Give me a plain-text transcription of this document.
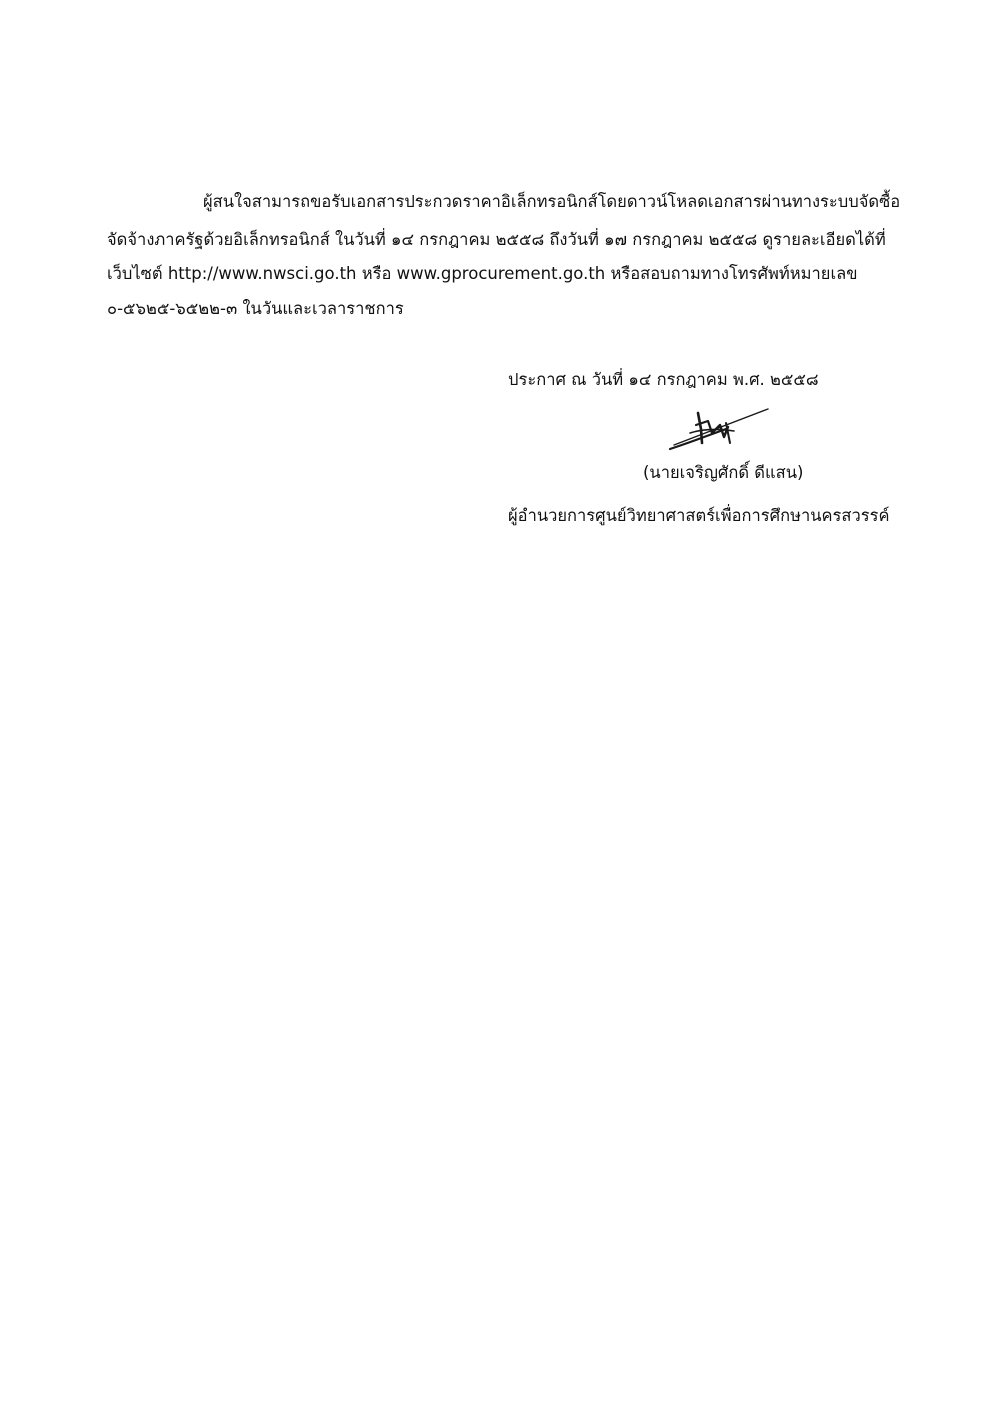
ผู้สนใจสามารถขอรับเอกสารประกวดราคาอิเล็กทรอนิกส์โดยดาวน์โหลดเอกสารผ่านทางระบบจัดซื้อ
จัดจ้างภาครัฐด้วยอิเล็กทรอนิกส์ ในวันที่ ๑๔ กรกฎาคม ๒๕๕๘ ถึงวันที่ ๑๗ กรกฎาคม ๒๕๕๘ ดูรายละเอียดได้ที่
เว็บไซต์ http://www.nwsci.go.th หรือ www.gprocurement.go.th หรือสอบถามทางโทรศัพท์หมายเลข
๐-๕๖๒๕-๖๕๒๒-๓ ในวันและเวลาราชการ
ประกาศ ณ วันที่ ๑๔ กรกฎาคม พ.ศ. ๒๕๕๘
(นายเจริญศักดิ์ ดีแสน)
ผู้อำนวยการศูนย์วิทยาศาสตร์เพื่อการศึกษานครสวรรค์
